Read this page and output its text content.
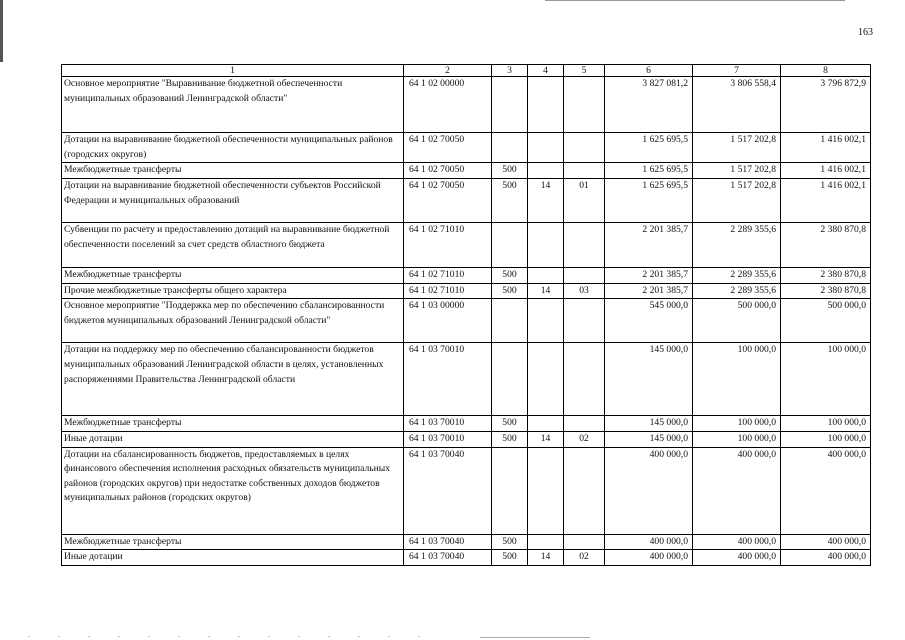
163
1	2	3	4	5	6	7	8
Основное мероприятие "Выравнивание бюджетной обеспеченности муниципальных образований Ленинградской области"	64 1 02 00000				3 827 081,2	3 806 558,4	3 796 872,9
Дотации на выравнивание бюджетной обеспеченности муниципальных районов (городских округов)	64 1 02 70050				1 625 695,5	1 517 202,8	1 416 002,1
Межбюджетные трансферты	64 1 02 70050	500			1 625 695,5	1 517 202,8	1 416 002,1
Дотации на выравнивание бюджетной обеспеченности субъектов Российской Федерации и муниципальных образований	64 1 02 70050	500	14	01	1 625 695,5	1 517 202,8	1 416 002,1
Субвенции по расчету и предоставлению дотаций на выравнивание бюджетной обеспеченности поселений за счет средств областного бюджета	64 1 02 71010				2 201 385,7	2 289 355,6	2 380 870,8
Межбюджетные трансферты	64 1 02 71010	500			2 201 385,7	2 289 355,6	2 380 870,8
Прочие межбюджетные трансферты общего характера	64 1 02 71010	500	14	03	2 201 385,7	2 289 355,6	2 380 870,8
Основное мероприятие "Поддержка мер по обеспечению сбалансированности бюджетов муниципальных образований Ленинградской области"	64 1 03 00000				545 000,0	500 000,0	500 000,0
Дотации на поддержку мер по обеспечению сбалансированности бюджетов муниципальных образований Ленинградской области в целях, установленных распоряжениями Правительства Ленинградской области	64 1 03 70010				145 000,0	100 000,0	100 000,0
Межбюджетные трансферты	64 1 03 70010	500			145 000,0	100 000,0	100 000,0
Иные дотации	64 1 03 70010	500	14	02	145 000,0	100 000,0	100 000,0
Дотации на сбалансированность бюджетов, предоставляемых в целях финансового обеспечения исполнения расходных обязательств муниципальных районов (городских округов) при недостатке собственных доходов бюджетов муниципальных районов (городских округов)	64 1 03 70040				400 000,0	400 000,0	400 000,0
Межбюджетные трансферты	64 1 03 70040	500			400 000,0	400 000,0	400 000,0
Иные дотации	64 1 03 70040	500	14	02	400 000,0	400 000,0	400 000,0
